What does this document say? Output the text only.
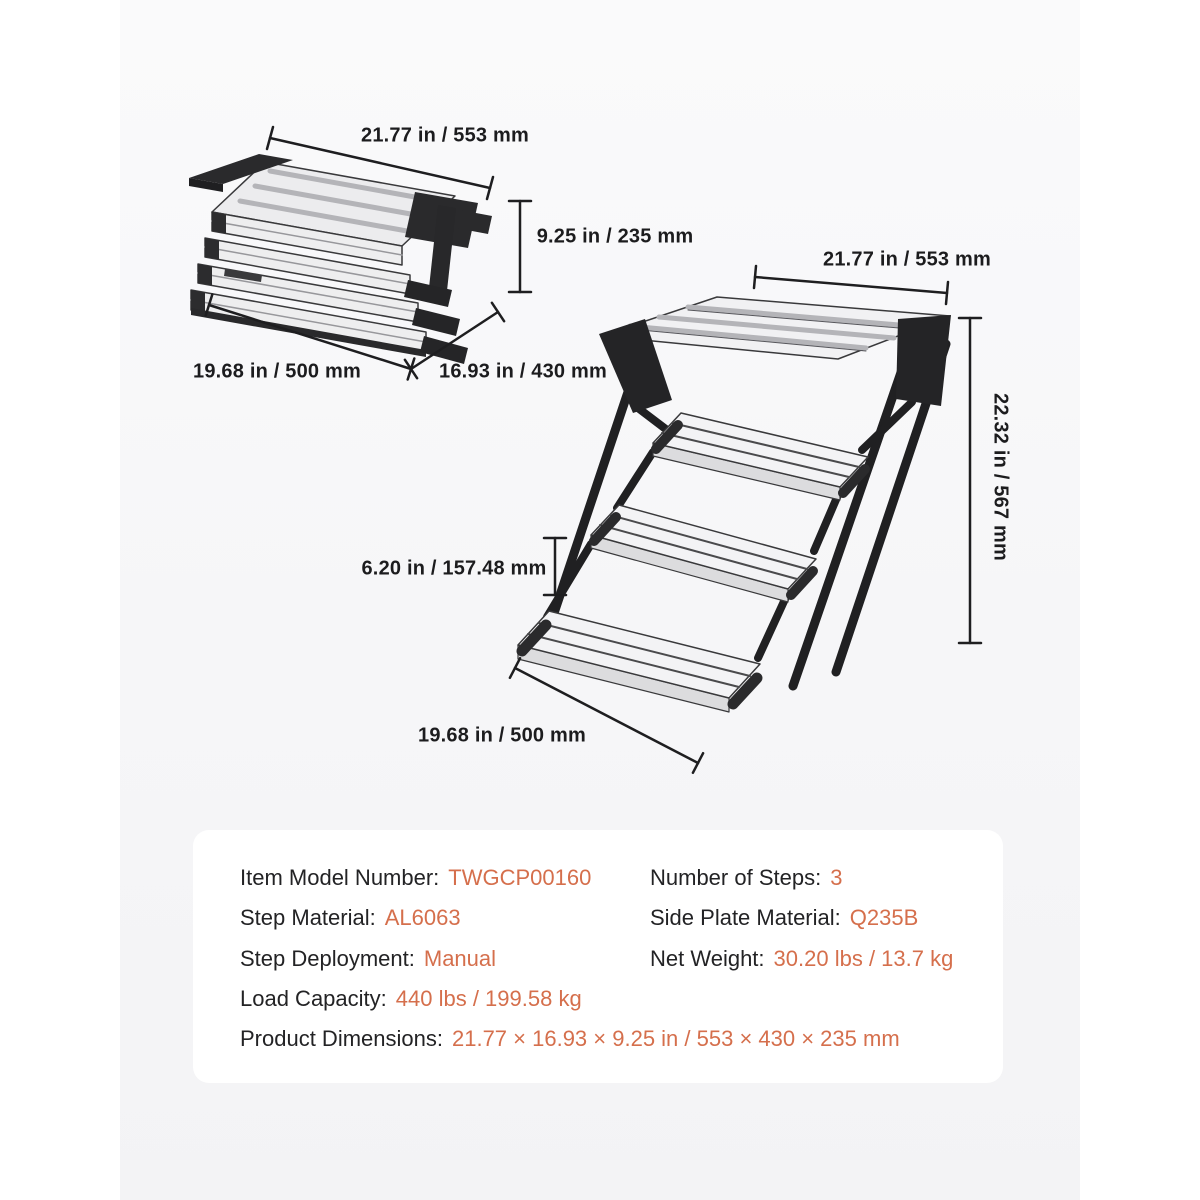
21.77 in / 553 mm
9.25 in / 235 mm
19.68 in / 500 mm	16.93 in / 430 mm
21.77 in / 553 mm
22.32 in / 567 mm
6.20 in / 157.48 mm
19.68 in / 500 mm
Item Model Number: TWGCP00160
Step Material: AL6063
Step Deployment: Manual
Load Capacity: 440 lbs / 199.58 kg
Product Dimensions: 21.77 × 16.93 × 9.25 in / 553 × 430 × 235 mm
Number of Steps: 3
Side Plate Material: Q235B
Net Weight: 30.20 lbs / 13.7 kg
